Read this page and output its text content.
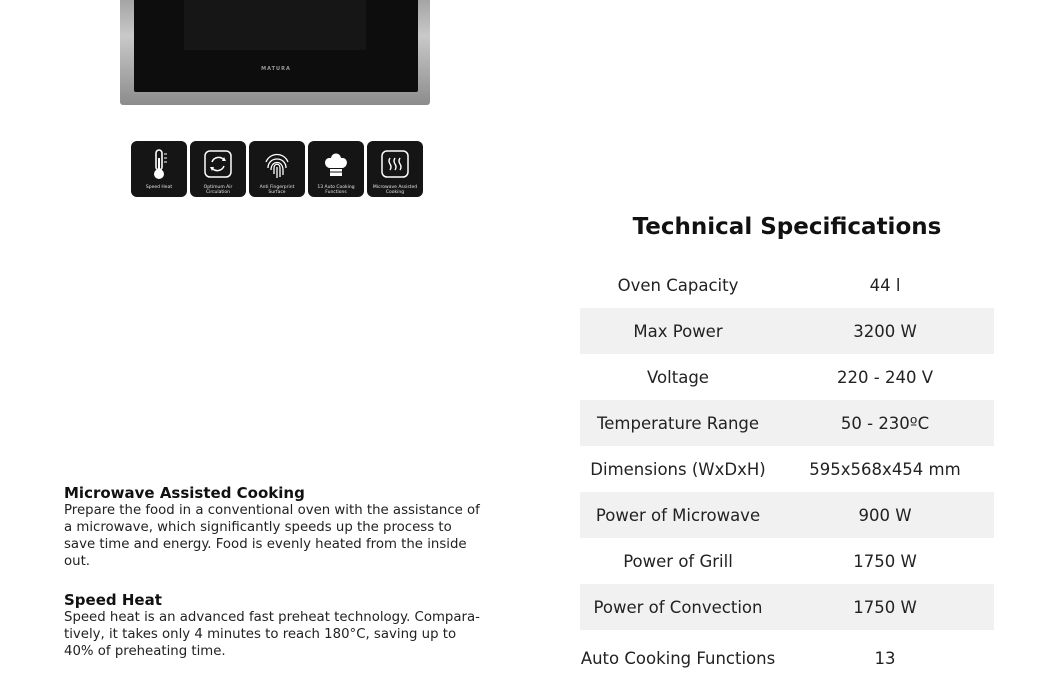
MATURA
Speed Heat	Optimum Air Circulation
Anti Fingerprint Surface
13 Auto Cooking Functions
Microwave Assisted Cooking
Microwave Assisted Cooking

Prepare the food in a conventional oven with the assistance of a microwave, which significantly speeds up the process to save time and energy. Food is evenly heated from the inside out.

Speed Heat

Speed heat is an advanced fast preheat technology. Compara-tively, it takes only 4 minutes to reach 180°C, saving up to 40% of preheating time.

Technical Specifications
Oven Capacity	44 l
Max Power	3200 W
Voltage	220 - 240 V
Temperature Range	50 - 230ºC
Dimensions (WxDxH)	595x568x454 mm
Power of Microwave	900 W
Power of Grill	1750 W
Power of Convection	1750 W
Auto Cooking Functions	13
